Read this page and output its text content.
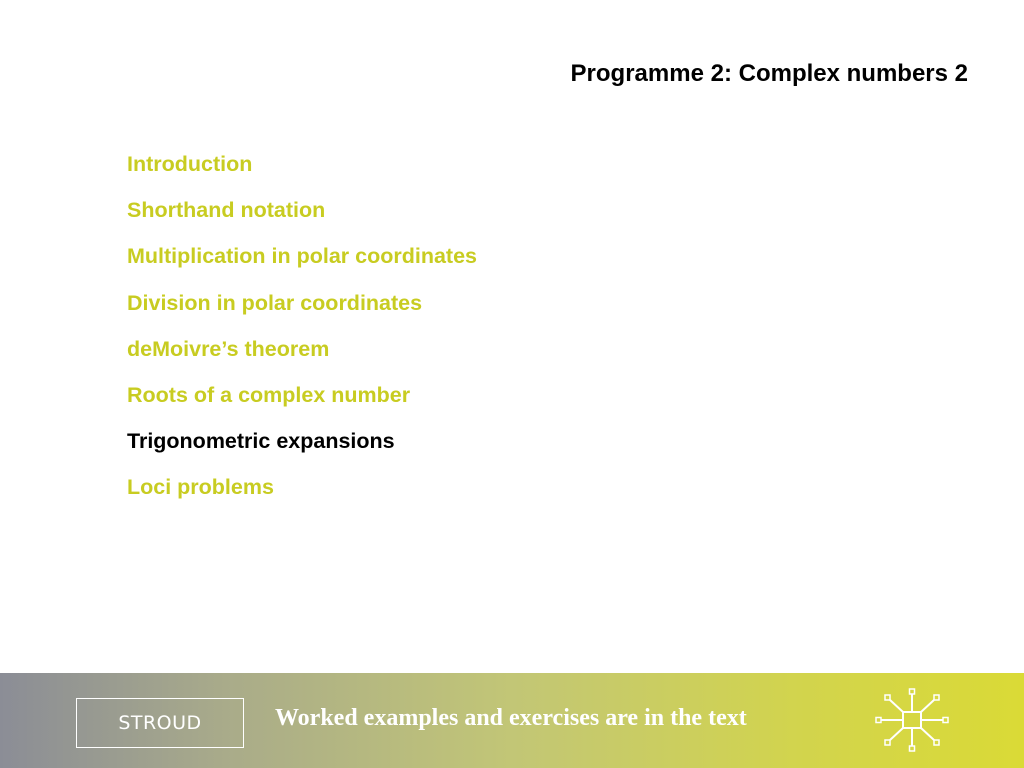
Programme 2: Complex numbers 2
Introduction
Shorthand notation
Multiplication in polar coordinates
Division in polar coordinates
deMoivre’s theorem
Roots of a complex number
Trigonometric expansions
Loci problems
STROUD	Worked examples and exercises are in the text
